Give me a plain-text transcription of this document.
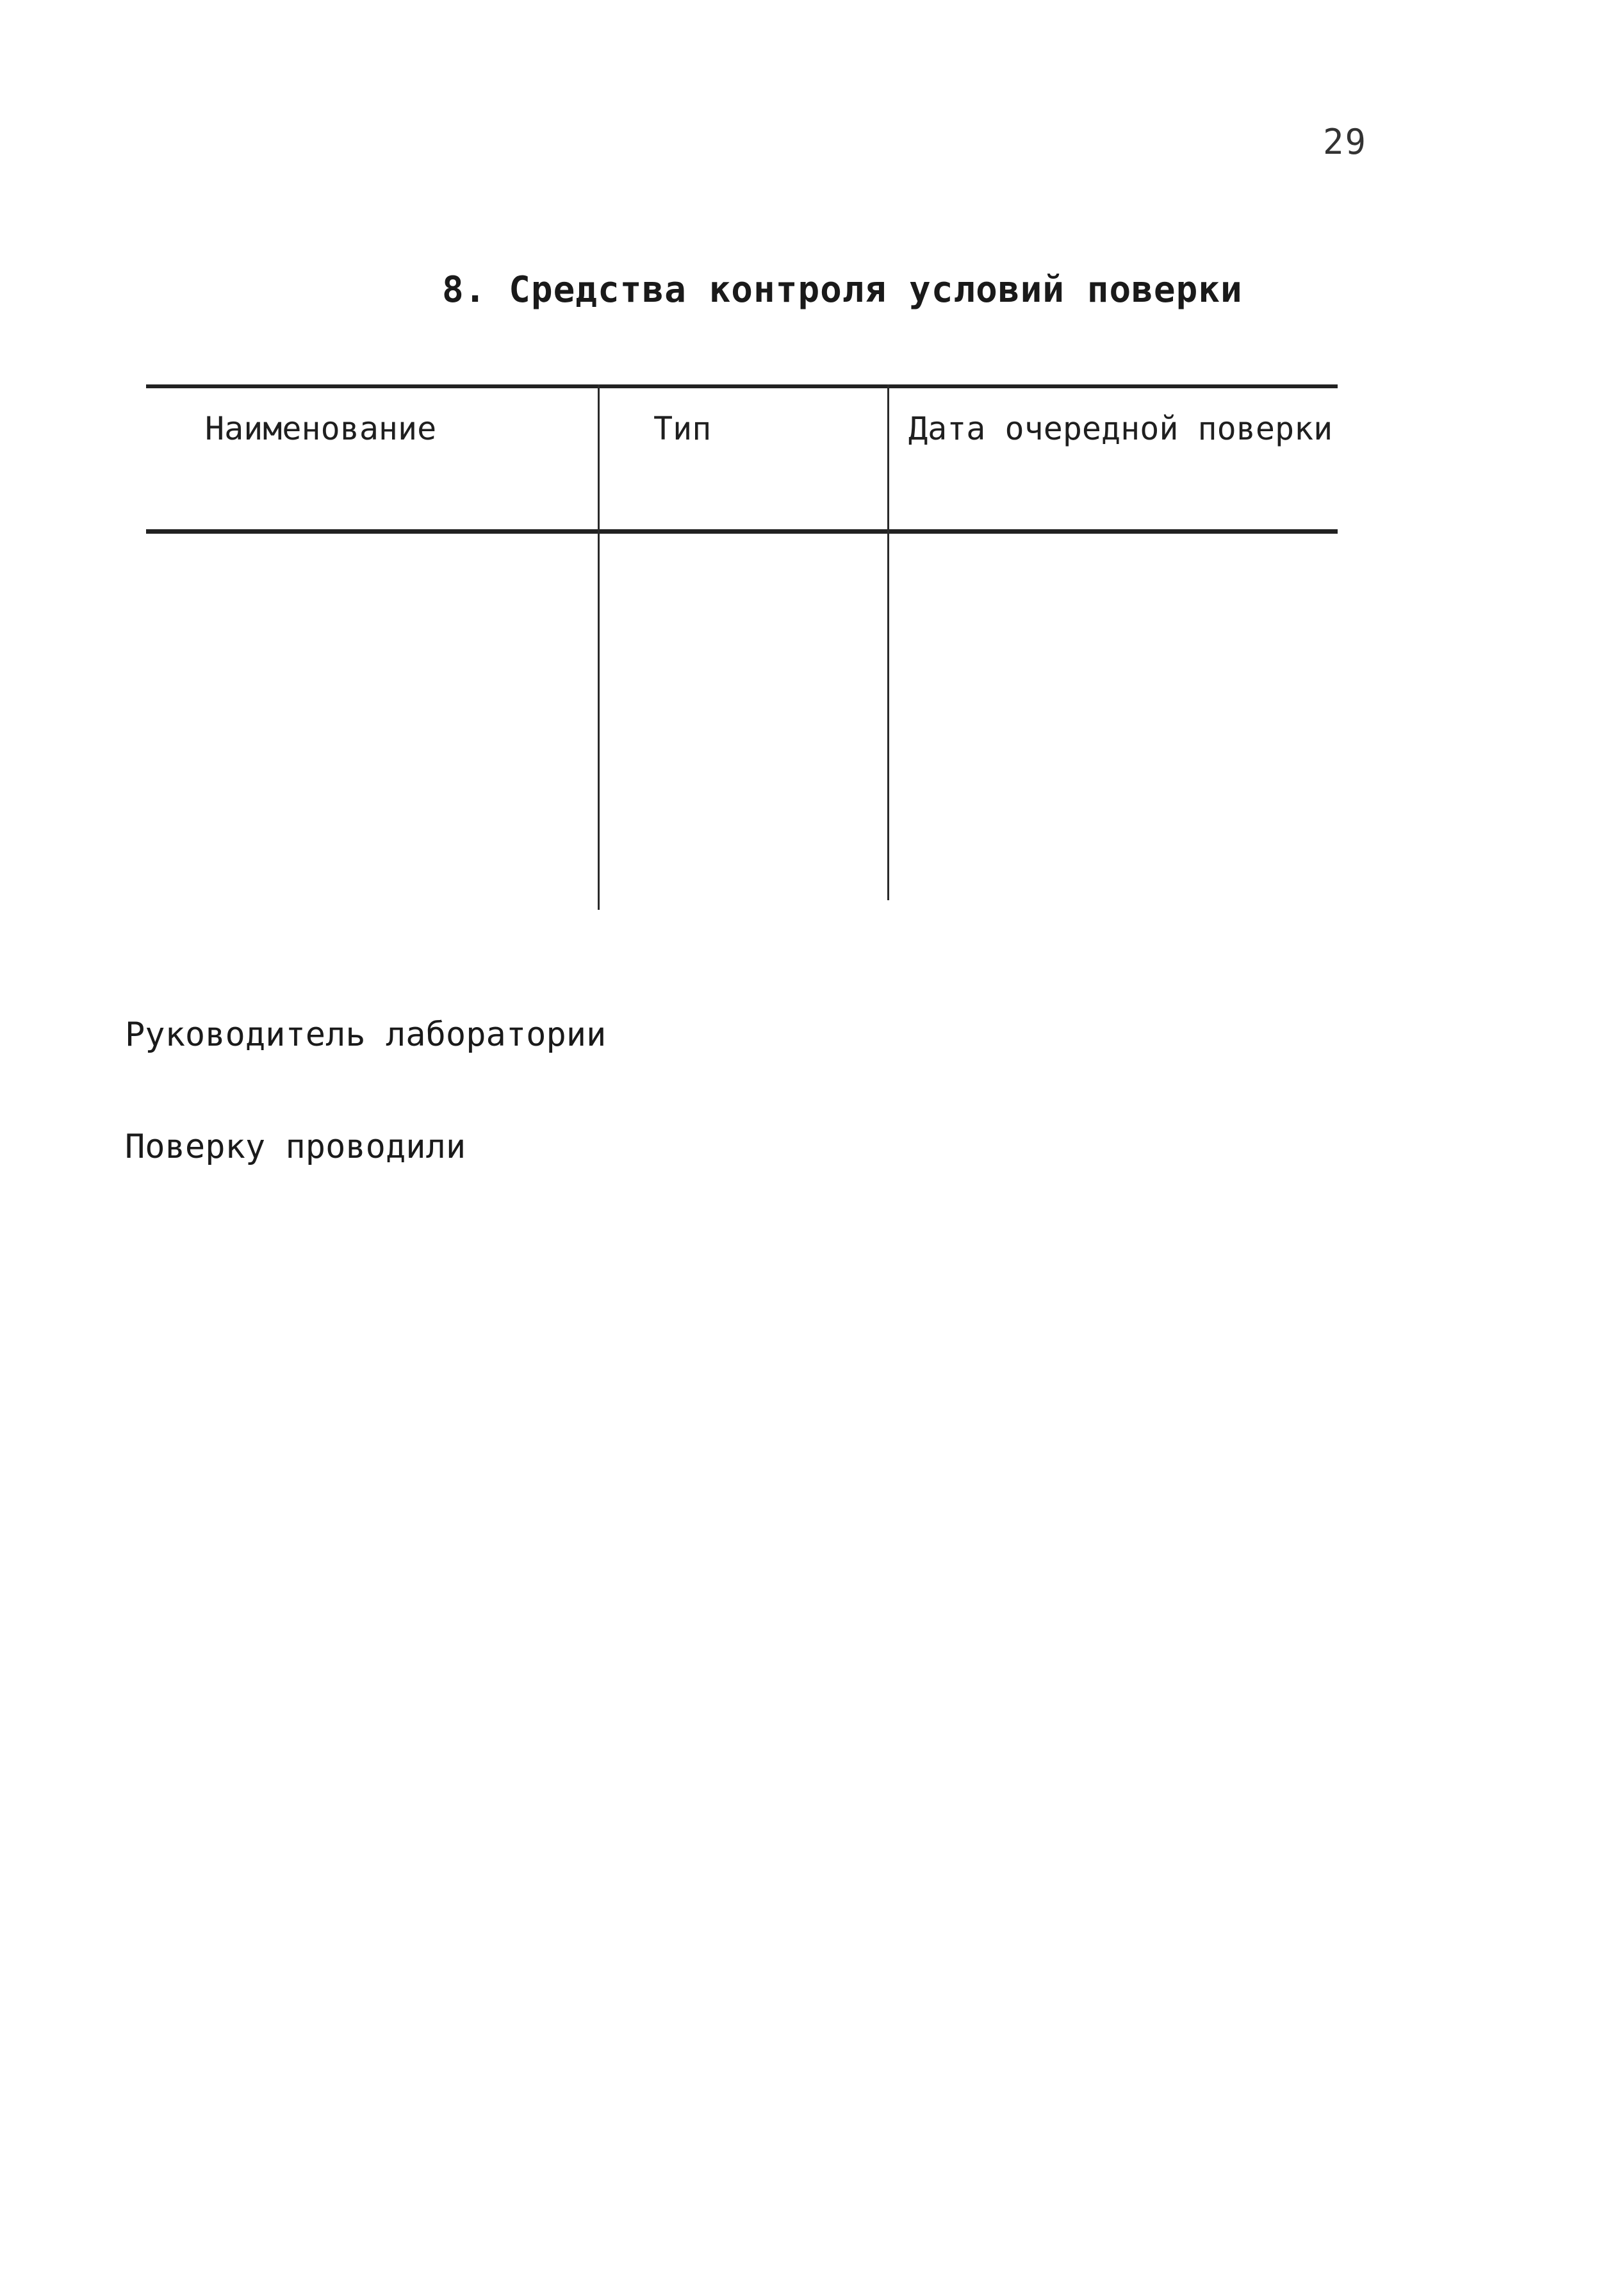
29
8. Средства контроля условий поверки
Наименование	Тип	Дата очередной поверки
Руководитель лаборатории
Поверку проводили
